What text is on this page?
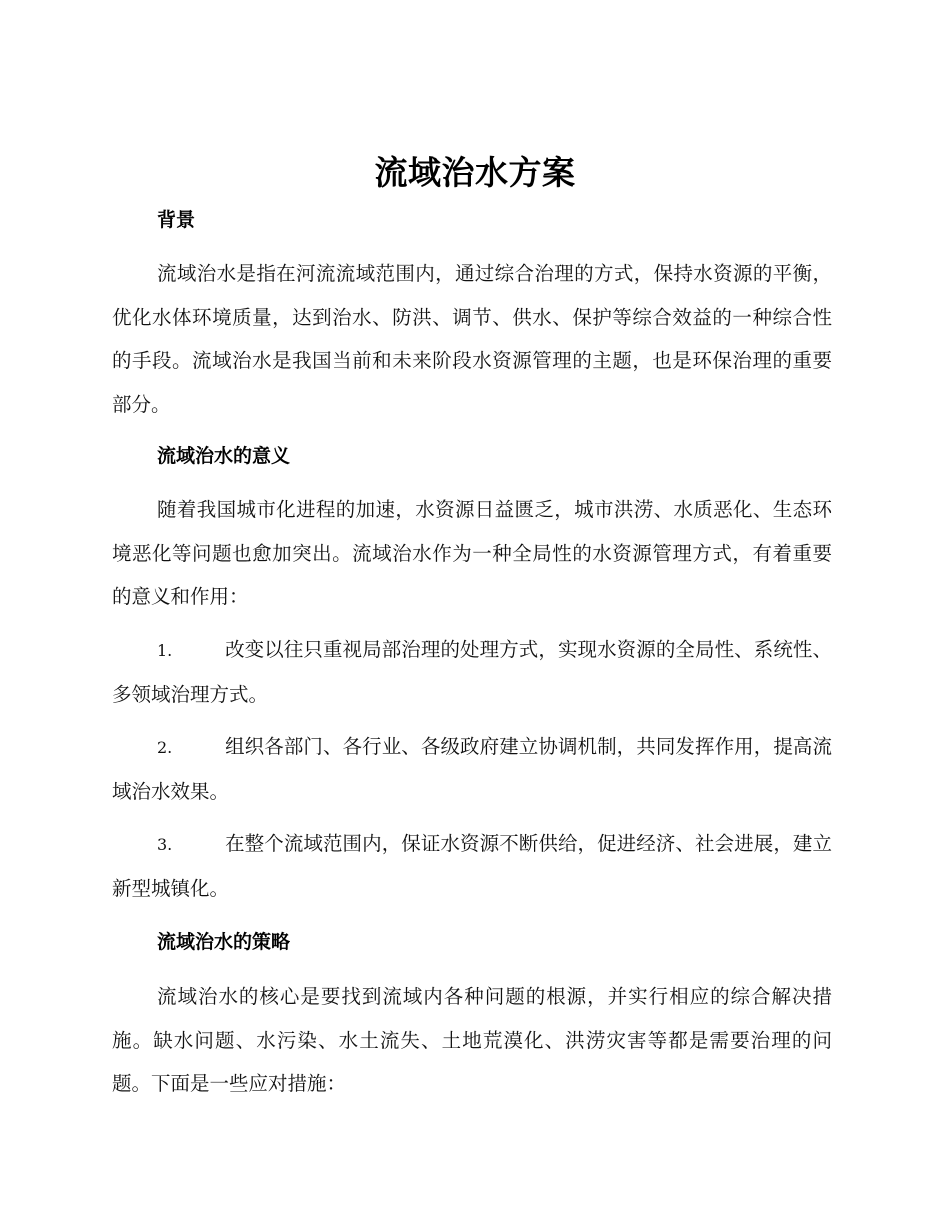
流域治水方案
背景
流域治水是指在河流流域范围内，通过综合治理的方式，保持水资源的平衡，优化水体环境质量，达到治水、防洪、调节、供水、保护等综合效益的一种综合性的手段。流域治水是我国当前和未来阶段水资源管理的主题，也是环保治理的重要部分。
流域治水的意义
随着我国城市化进程的加速，水资源日益匮乏，城市洪涝、水质恶化、生态环境恶化等问题也愈加突出。流域治水作为一种全局性的水资源管理方式，有着重要的意义和作用：
1.	改变以往只重视局部治理的处理方式，实现水资源的全局性、系统性、多领域治理方式。
2.	组织各部门、各行业、各级政府建立协调机制，共同发挥作用，提高流域治水效果。
3.	在整个流域范围内，保证水资源不断供给，促进经济、社会进展，建立新型城镇化。
流域治水的策略
流域治水的核心是要找到流域内各种问题的根源，并实行相应的综合解决措施。缺水问题、水污染、水土流失、土地荒漠化、洪涝灾害等都是需要治理的问题。下面是一些应对措施：
